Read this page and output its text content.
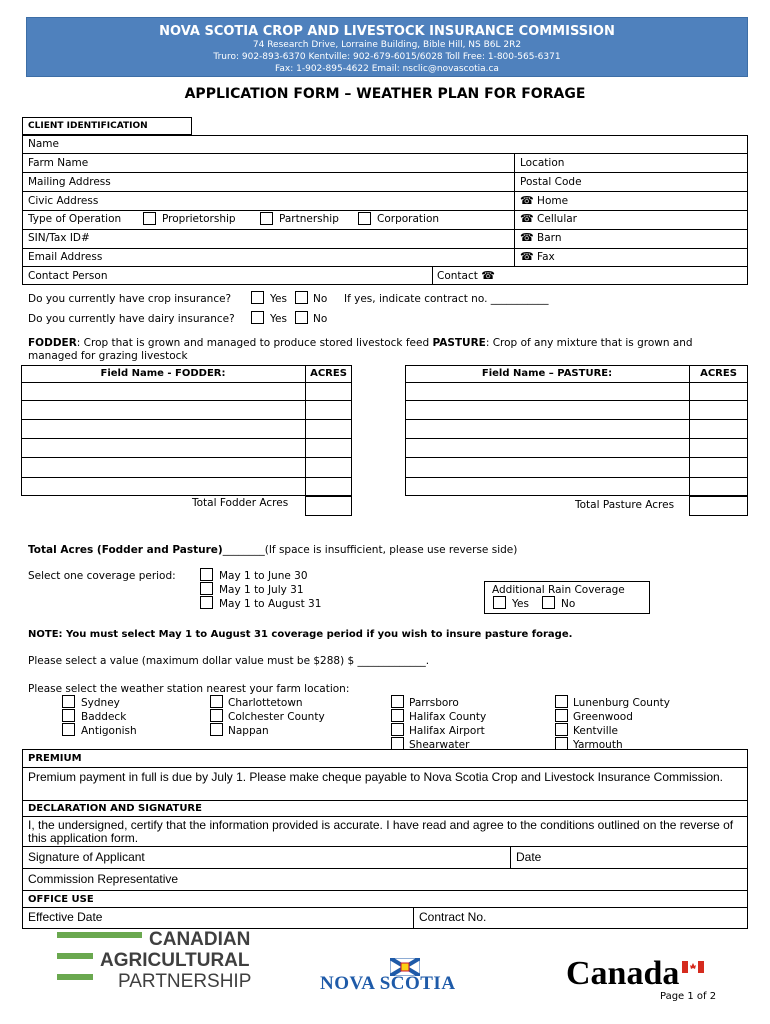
NOVA SCOTIA CROP AND LIVESTOCK INSURANCE COMMISSION
74 Research Drive, Lorraine Building, Bible Hill, NS B6L 2R2
Truro: 902-893-6370 Kentville: 902-679-6015/6028 Toll Free: 1-800-565-6371
Fax: 1-902-895-4622 Email: nsclic@novascotia.ca
APPLICATION FORM – WEATHER PLAN FOR FORAGE
CLIENT IDENTIFICATION
Name
Farm Name	Location
Mailing Address	Postal Code
Civic Address	☎ Home
Type of Operation	Proprietorship	Partnership	Corporation	☎ Cellular
SIN/Tax ID#	☎ Barn
Email Address	☎ Fax
Contact Person	Contact ☎
Do you currently have crop insurance?	Yes No If yes, indicate contract no. ___________
Do you currently have dairy insurance?	Yes No
FODDER: Crop that is grown and managed to produce stored livestock feed PASTURE: Crop of any mixture that is grown and managed for grazing livestock
Field Name - FODDER:	ACRES
Total Fodder Acres
Field Name – PASTURE:	ACRES
Total Pasture Acres
Total Acres (Fodder and Pasture)________(If space is insufficient, please use reverse side)
Select one coverage period:	May 1 to June 30
May 1 to July 31
May 1 to August 31
Additional Rain Coverage
Yes	No
NOTE: You must select May 1 to August 31 coverage period if you wish to insure pasture forage.
Please select a value (maximum dollar value must be $288) $ _____________.
Please select the weather station nearest your farm location:
Sydney
Baddeck
Antigonish
Charlottetown
Colchester County
Nappan
Parrsboro
Halifax County
Halifax Airport
Shearwater
Lunenburg County
Greenwood
Kentville
Yarmouth
PREMIUM
Premium payment in full is due by July 1. Please make cheque payable to Nova Scotia Crop and Livestock Insurance Commission.
DECLARATION AND SIGNATURE
I, the undersigned, certify that the information provided is accurate. I have read and agree to the conditions outlined on the reverse of this application form.
Signature of Applicant	Date
Commission Representative
OFFICE USE
Effective Date	Contract No.
CANADIAN
AGRICULTURAL
PARTNERSHIP	NOVA SCOTIA	Canada
Page 1 of 2
